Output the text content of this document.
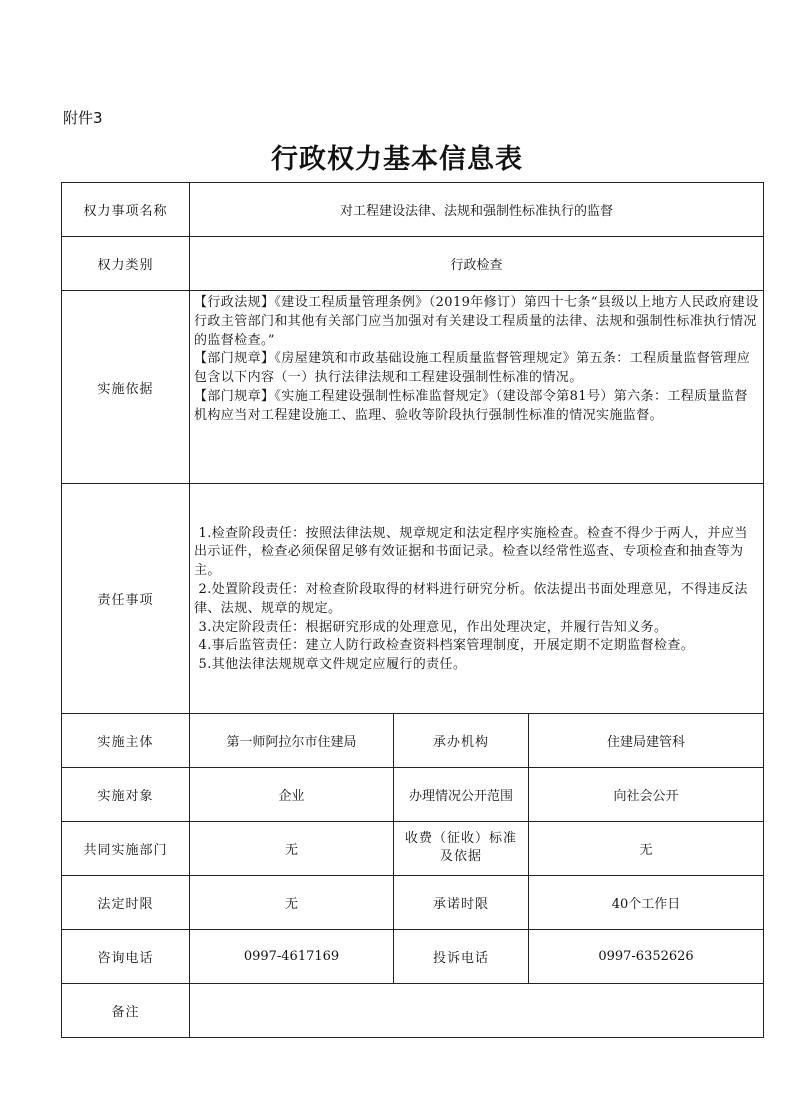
附件3
行政权力基本信息表
权力事项名称	对工程建设法律、法规和强制性标准执行的监督		
权力类别	行政检查		
实施依据	【行政法规】《建设工程质量管理条例》（2019年修订）第四十七条“县级以上地方人民政府建设行政主管部门和其他有关部门应当加强对有关建设工程质量的法律、法规和强制性标准执行情况的监督检查。”
【部门规章】《房屋建筑和市政基础设施工程质量监督管理规定》第五条：工程质量监督管理应包含以下内容（一）执行法律法规和工程建设强制性标准的情况。
【部门规章】《实施工程建设强制性标准监督规定》（建设部令第81号）第六条：工程质量监督机构应当对工程建设施工、监理、验收等阶段执行强制性标准的情况实施监督。		

责任事项	1.检查阶段责任：按照法律法规、规章规定和法定程序实施检查。检查不得少于两人，并应当出示证件，检查必须保留足够有效证据和书面记录。检查以经常性巡查、专项检查和抽查等为主。
2.处置阶段责任：对检查阶段取得的材料进行研究分析。依法提出书面处理意见，不得违反法律、法规、规章的规定。
3.决定阶段责任：根据研究形成的处理意见，作出处理决定，并履行告知义务。
4.事后监管责任：建立人防行政检查资料档案管理制度，开展定期不定期监督检查。
5.其他法律法规规章文件规定应履行的责任。		

实施主体	第一师阿拉尔市住建局	承办机构	住建局建管科
实施对象	企业	办理情况公开范围	向社会公开
共同实施部门	无	收费（征收）标准及依据	无
法定时限	无	承诺时限	40个工作日
咨询电话	0997-4617169	投诉电话	0997-6352626
备注			
